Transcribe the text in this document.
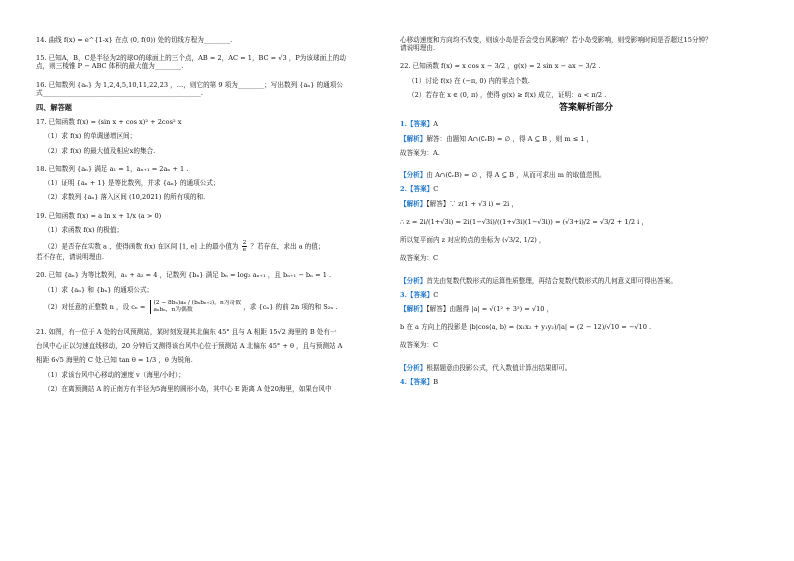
14. 曲线 f(x) = e^{1-x} 在点 (0, f(0)) 处的切线方程为________.
15. 已知A，B，C是半径为2的球O的球面上的三个点，AB = 2，AC = 1，BC = √3 ，P为该球面上的动
点，则三棱锥 P − ABC 体积的最大值为________.
16. 已知数列 {aₙ} 为 1,2,4,5,10,11,22,23 ，…，则它的第 9 项为________；写出数列 {aₙ} 的通项公
式________________________________________________.
四、解答题
17. 已知函数 f(x) = (sin x + cos x)² + 2cos² x
（1）求 f(x) 的单调递增区间；
（2）求 f(x) 的最大值及相应x的集合.
18. 已知数列 {aₙ} 满足 a₁ = 1，aₙ₊₁ = 2aₙ + 1 .
（1）证明 {aₙ + 1} 是等比数列，并求 {aₙ} 的通项公式；
（2）求数列 {aₙ} 落入区间 (10,2021) 的所有项的和.
19. 已知函数 f(x) = a ln x + 1/x (a > 0)
（1）求函数 f(x) 的极值；
（2）是否存在实数 a ，使得函数 f(x) 在区间 [1, e] 上的最小值为 $\frac{2}{e}$ ？若存在，求出 a 的值；
若不存在，请说明理由.
20. 已知 {aₙ} 为等比数列，a₁ + a₂ = 4 ，记数列 {bₙ} 满足 bₙ = log₂ aₙ₊₁ ，且 bₙ₊₁ − bₙ = 1 .
（1）求 {aₙ} 和 {bₙ} 的通项公式；
（2）对任意的正整数 n ，设 cₙ = (2 − 8bₙ)aₙ / (bₙbₙ₊₂)，n为奇数
aₙbₙ，n为偶数	，求 {cₙ} 的前 2n 项的和 S₂ₙ .
21. 如图，有一位于 A 处的台风预测站，某时刻发现其北偏东 45° 且与 A 相距 15√2 海里的 B 处有一
台风中心正以匀速直线移动，20 分钟后又测得该台风中心位于预测站 A 北偏东 45° + θ ，且与预测站 A
相距 6√5 海里的 C 处.已知 tan θ = 1/3 ，θ 为锐角.
（1）求该台风中心移动的速度 v（海里/小时）；
（2）在离预测站 A 的正南方有半径为5海里的圆形小岛，其中心 E 距离 A 处20海里，如果台风中
心移动速度和方向均不改变，则该小岛是否会受台风影响？若小岛受影响，则受影响时间是否超过15分钟？
请说明理由.
22. 已知函数 f(x) = x cos x − 3/2 ，g(x) = 2 sin x − ax − 3/2 .
（1）讨论 f(x) 在 (−π, 0) 内的零点个数.
（2）若存在 x ∈ (0, π) ，使得 g(x) ≥ f(x) 成立，证明：a < π/2 .
答案解析部分
1.【答案】A
【解析】解答：由题知 A∩(∁ᵣB) = ∅ ，得 A ⊆ B ，则 m ≤ 1 ，
故答案为：A.
【分析】由 A∩(∁ᵣB) = ∅ ，得 A ⊆ B ，从而可求出 m 的取值范围。
2.【答案】C
【解析】【解答】∵ z(1 + √3 i) = 2i ，
∴ z = 2i/(1+√3i) = 2i(1−√3i)/((1+√3i)(1−√3i)) = (√3+i)/2 = √3/2 + 1/2 i ，
所以复平面内 z 对应的点的坐标为 (√3/2, 1/2) ，
故答案为：C
【分析】首先由复数代数形式的运算性质整理，再结合复数代数形式的几何意义即可得出答案。
3.【答案】C
【解析】【解答】由题得 |a| = √(1² + 3²) = √10 ，
b 在 a 方向上的投影是 |b|cos⟨a, b⟩ = (x₁x₂ + y₁y₂)/|a| = (2 − 12)/√10 = −√10 .
故答案为：C
【分析】根据题意由投影公式，代入数值计算出结果即可。
4.【答案】B
